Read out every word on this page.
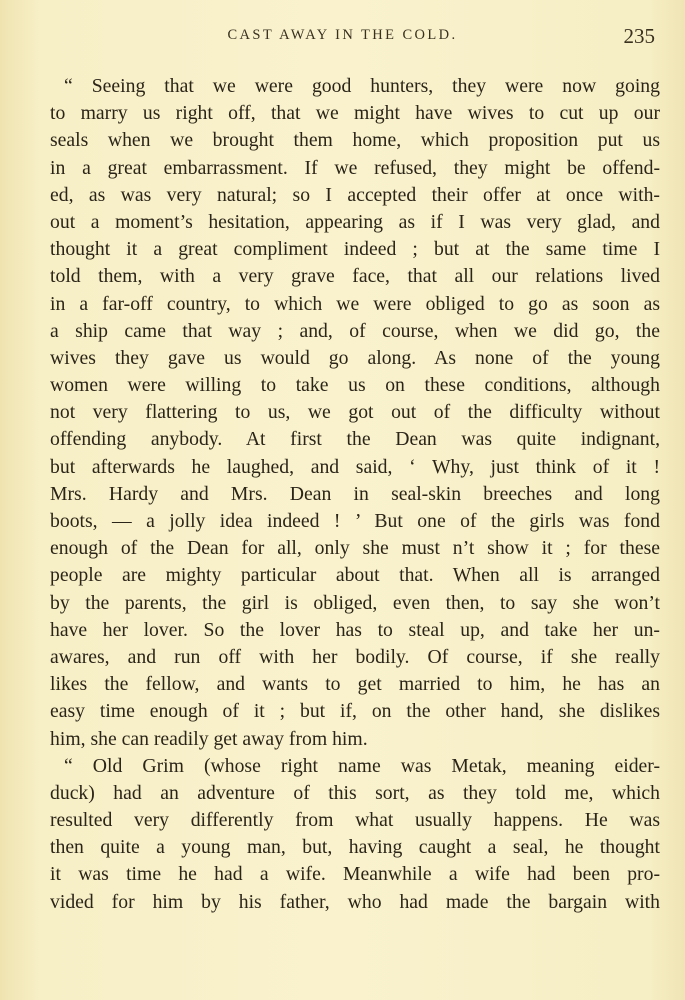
CAST AWAY IN THE COLD.	235
“ Seeing that we were good hunters, they were now going
to marry us right off, that we might have wives to cut up our
seals when we brought them home, which proposition put us
in a great embarrassment. If we refused, they might be offend-
ed, as was very natural; so I accepted their offer at once with-
out a moment’s hesitation, appearing as if I was very glad, and
thought it a great compliment indeed ; but at the same time I
told them, with a very grave face, that all our relations lived
in a far-off country, to which we were obliged to go as soon as
a ship came that way ; and, of course, when we did go, the
wives they gave us would go along. As none of the young
women were willing to take us on these conditions, although
not very flattering to us, we got out of the difficulty without
offending anybody. At first the Dean was quite indignant,
but afterwards he laughed, and said, ‘ Why, just think of it !
Mrs. Hardy and Mrs. Dean in seal-skin breeches and long
boots, — a jolly idea indeed ! ’ But one of the girls was fond
enough of the Dean for all, only she must n’t show it ; for these
people are mighty particular about that. When all is arranged
by the parents, the girl is obliged, even then, to say she won’t
have her lover. So the lover has to steal up, and take her un-
awares, and run off with her bodily. Of course, if she really
likes the fellow, and wants to get married to him, he has an
easy time enough of it ; but if, on the other hand, she dislikes
him, she can readily get away from him.
“ Old Grim (whose right name was Metak, meaning eider-
duck) had an adventure of this sort, as they told me, which
resulted very differently from what usually happens. He was
then quite a young man, but, having caught a seal, he thought
it was time he had a wife. Meanwhile a wife had been pro-
vided for him by his father, who had made the bargain with
